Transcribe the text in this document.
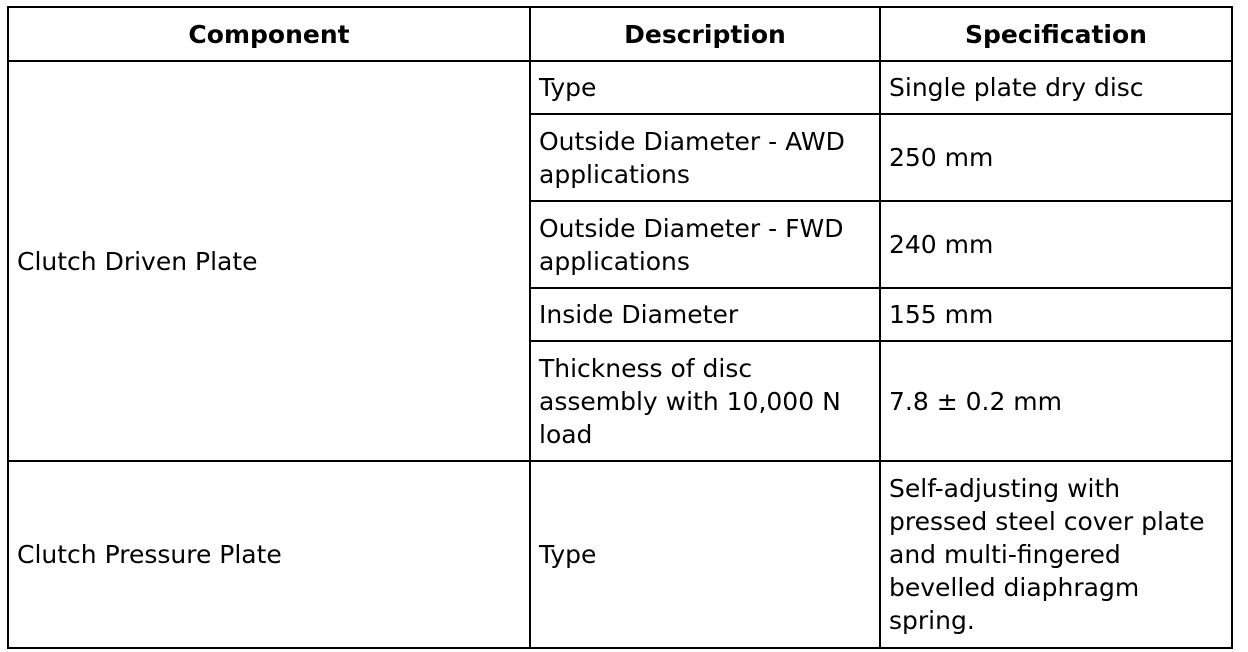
Component	Description	Specification
Clutch Driven Plate	Type	Single plate dry disc
	Outside Diameter - AWD applications	250 mm
	Outside Diameter - FWD applications	240 mm
	Inside Diameter	155 mm
	Thickness of disc assembly with 10,000 N load	7.8 ± 0.2 mm
Clutch Pressure Plate	Type	Self-adjusting with pressed steel cover plate and multi-fingered bevelled diaphragm spring.
